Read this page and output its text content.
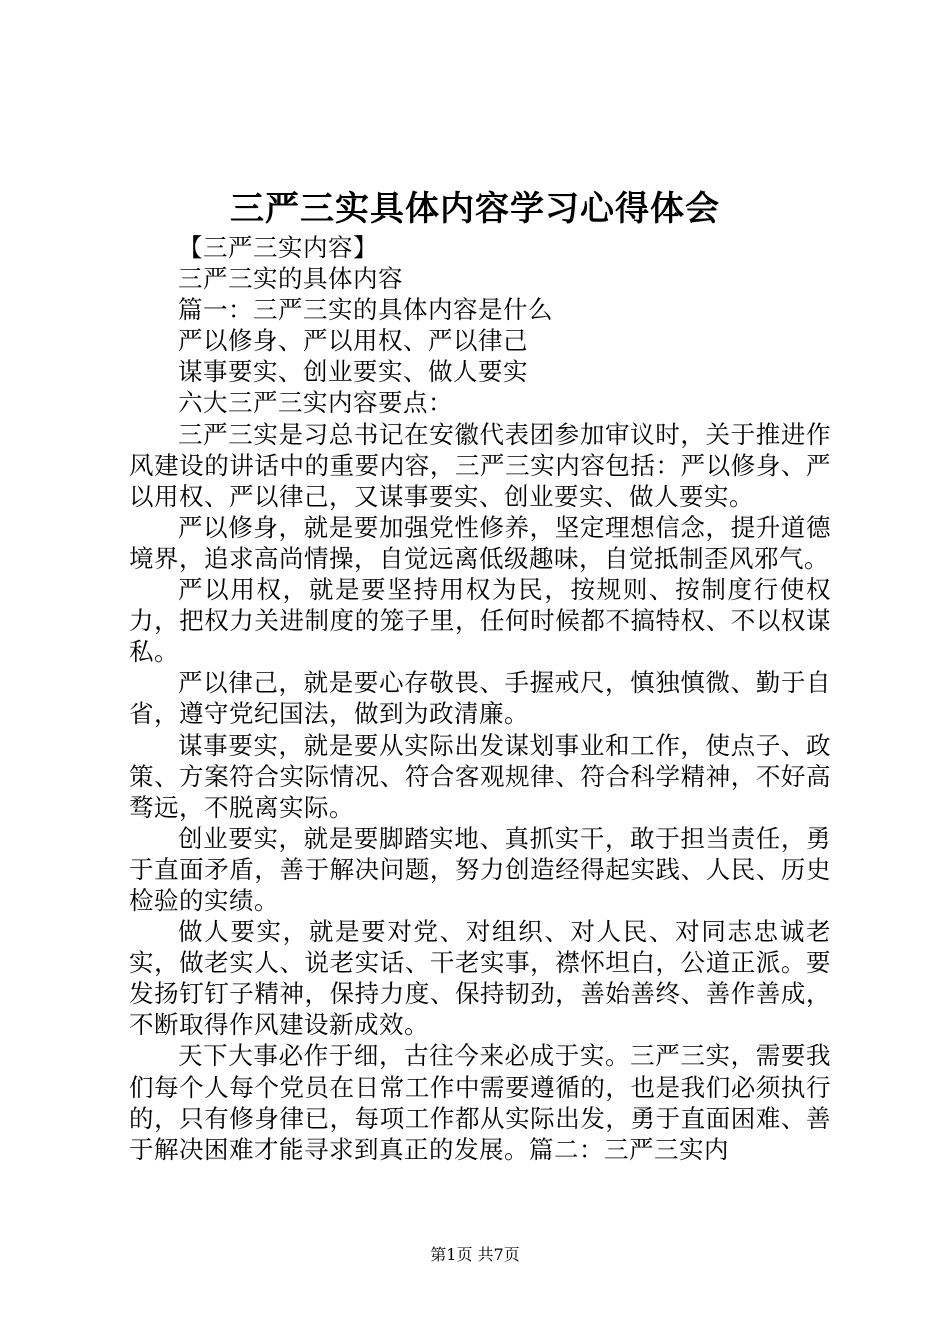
三严三实具体内容学习心得体会

【三严三实内容】

三严三实的具体内容

篇一：三严三实的具体内容是什么

严以修身、严以用权、严以律己

谋事要实、创业要实、做人要实

六大三严三实内容要点：

三严三实是习总书记在安徽代表团参加审议时，关于推进作风建设的讲话中的重要内容，三严三实内容包括：严以修身、严以用权、严以律己，又谋事要实、创业要实、做人要实。

严以修身，就是要加强党性修养，坚定理想信念，提升道德境界，追求高尚情操，自觉远离低级趣味，自觉抵制歪风邪气。

严以用权，就是要坚持用权为民，按规则、按制度行使权力，把权力关进制度的笼子里，任何时候都不搞特权、不以权谋私。

严以律己，就是要心存敬畏、手握戒尺，慎独慎微、勤于自省，遵守党纪国法，做到为政清廉。

谋事要实，就是要从实际出发谋划事业和工作，使点子、政策、方案符合实际情况、符合客观规律、符合科学精神，不好高骛远，不脱离实际。

创业要实，就是要脚踏实地、真抓实干，敢于担当责任，勇于直面矛盾，善于解决问题，努力创造经得起实践、人民、历史检验的实绩。

做人要实，就是要对党、对组织、对人民、对同志忠诚老实，做老实人、说老实话、干老实事，襟怀坦白，公道正派。要发扬钉钉子精神，保持力度、保持韧劲，善始善终、善作善成，不断取得作风建设新成效。

天下大事必作于细，古往今来必成于实。三严三实，需要我们每个人每个党员在日常工作中需要遵循的，也是我们必须执行的，只有修身律已，每项工作都从实际出发，勇于直面困难、善于解决困难才能寻求到真正的发展。篇二：三严三实内

第1页 共7页
